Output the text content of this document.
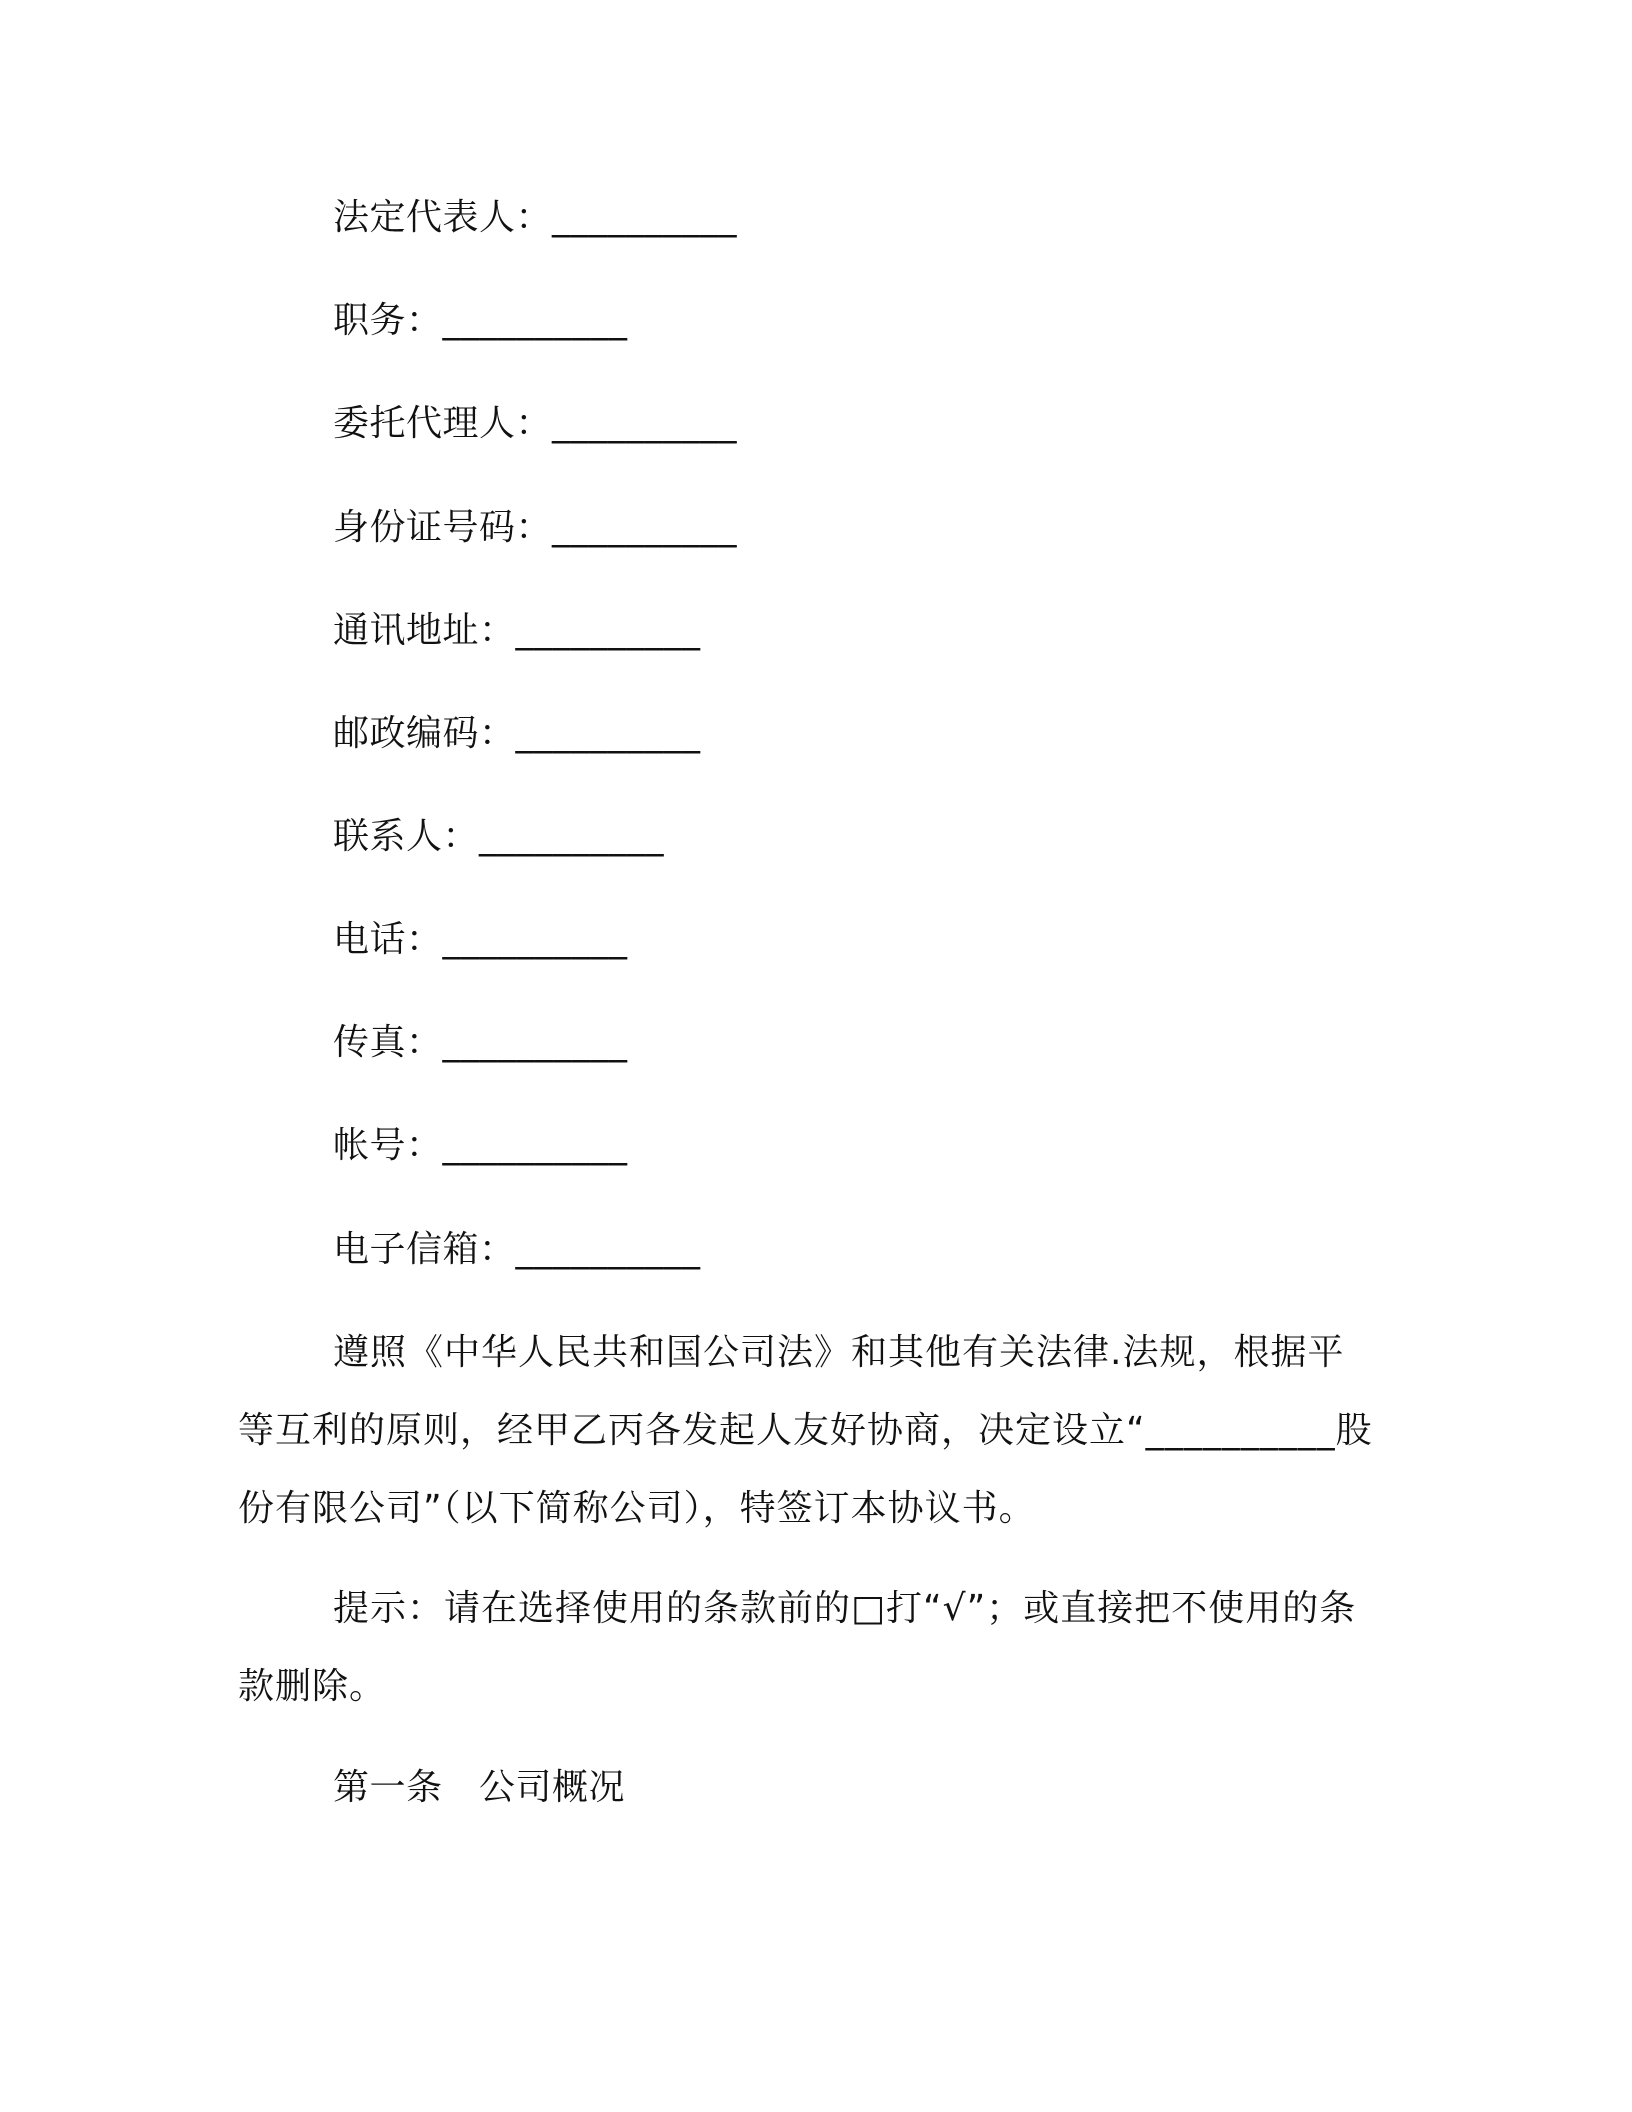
法定代表人：__________
职务：__________
委托代理人：__________
身份证号码：__________
通讯地址：__________
邮政编码：__________
联系人：__________
电话：__________
传真：__________
帐号：__________
电子信箱：__________
遵照《中华人民共和国公司法》和其他有关法律.法规，根据平等互利的原则，经甲乙丙各发起人友好协商，决定设立“__________股份有限公司”（以下简称公司），特签订本协议书。
提示：请在选择使用的条款前的□打“√”；或直接把不使用的条款删除。
第一条　公司概况
